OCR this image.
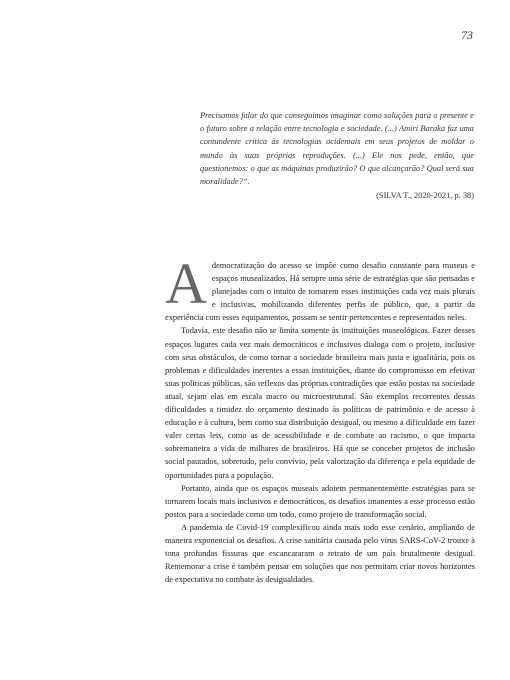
73
Precisamos falar do que conseguimos imaginar como soluções para o presente e o futuro sobre a relação entre tecnologia e sociedade. (...) Amiri Baraka faz uma contundente crítica às tecnologias ocidentais em seus projetos de moldar o mundo às suas próprias reproduções. (...) Ele nos pede, então, que questionemos: o que as máquinas produzirão? O que alcançarão? Qual será sua moralidade?”.
(SILVA T., 2020-2021, p. 38)

Ademocratização do acesso se impõe como desafio constante para museus e espaços musealizados. Há sempre uma série de estratégias que são pensadas e planejadas com o intuito de tornarem esses instituições cada vez mais plurais e inclusivas, mobilizando diferentes perfis de público, que, a partir da experiência com esses equipamentos, possam se sentir pertencentes e representados neles.

Todavia, este desafio não se limita somente às instituições museológicas. Fazer desses espaços lugares cada vez mais democráticos e inclusivos dialoga com o projeto, inclusive com seus obstáculos, de como tornar a sociedade brasileira mais justa e igualitária, pois os problemas e dificuldades inerentes a essas instituições, diante do compromisso em efetivar suas políticas públicas, são reflexos das próprias contradições que estão postas na sociedade atual, sejam elas em escala macro ou microestrutural. São exemplos recorrentes dessas dificuldades a timidez do orçamento destinado às políticas de patrimônio e de acesso à educação e à cultura, bem como sua distribuição desigual, ou mesmo a dificuldade em fazer valer certas leis, como as de acessibilidade e de combate ao racismo, o que impacta sobremaneira a vida de milhares de brasileiros. Há que se conceber projetos de inclusão social pautados, sobretudo, pelo convívio, pela valorização da diferença e pela equidade de oportunidades para a população.

Portanto, ainda que os espaços museais adotem permanentemente estratégias para se tornarem locais mais inclusivos e democráticos, os desafios imanentes a esse processo estão postos para a sociedade como um todo, como projeto de transformação social.

A pandemia de Covid-19 complexificou ainda mais todo esse cenário, ampliando de maneira exponencial os desafios. A crise sanitária causada pelo vírus SARS-CoV-2 trouxe à tona profundas fissuras que escancararam o retrato de um país brutalmente desigual. Rememorar a crise é também pensar em soluções que nos permitam criar novos horizontes de expectativa no combate às desigualdades.
